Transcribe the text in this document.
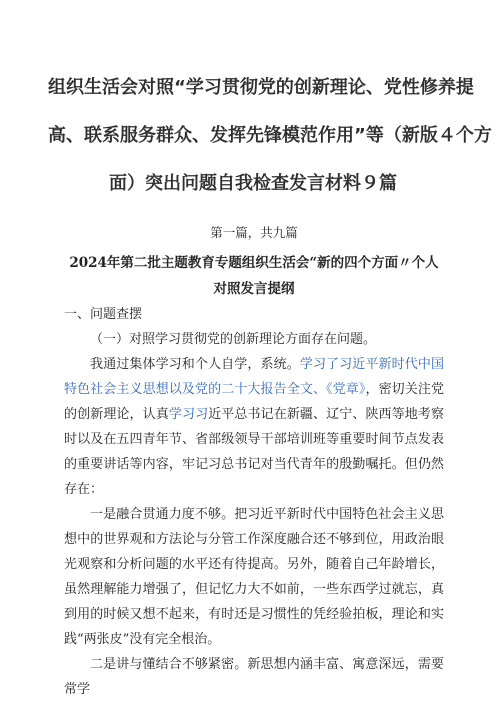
组织生活会对照“学习贯彻党的创新理论、党性修养提
高、联系服务群众、发挥先锋模范作用”等（新版４个方
面）突出问题自我检查发言材料９篇

第一篇，共九篇

2024年第二批主题教育专题组织生活会“新的四个方面〃个人
对照发言提纲

一、问题查摆

（一）对照学习贯彻党的创新理论方面存在问题。

我通过集体学习和个人自学，系统。学习了习近平新时代中国特色社会主义思想以及党的二十大报告全文、《党章》，密切关注党的创新理论，认真学习习近平总书记在新疆、辽宁、陕西等地考察时以及在五四青年节、省部级领导干部培训班等重要时间节点发表的重要讲话等内容，牢记习总书记对当代青年的殷勤嘱托。但仍然存在：

一是融合贯通力度不够。把习近平新时代中国特色社会主义思想中的世界观和方法论与分管工作深度融合还不够到位，用政治眼光观察和分析问题的水平还有待提高。另外，随着自己年龄增长，虽然理解能力增强了，但记忆力大不如前，一些东西学过就忘，真到用的时候又想不起来，有时还是习惯性的凭经验拍板，理论和实践“两张皮”没有完全根治。

二是讲与懂结合不够紧密。新思想内涵丰富、寓意深远，需要常学
